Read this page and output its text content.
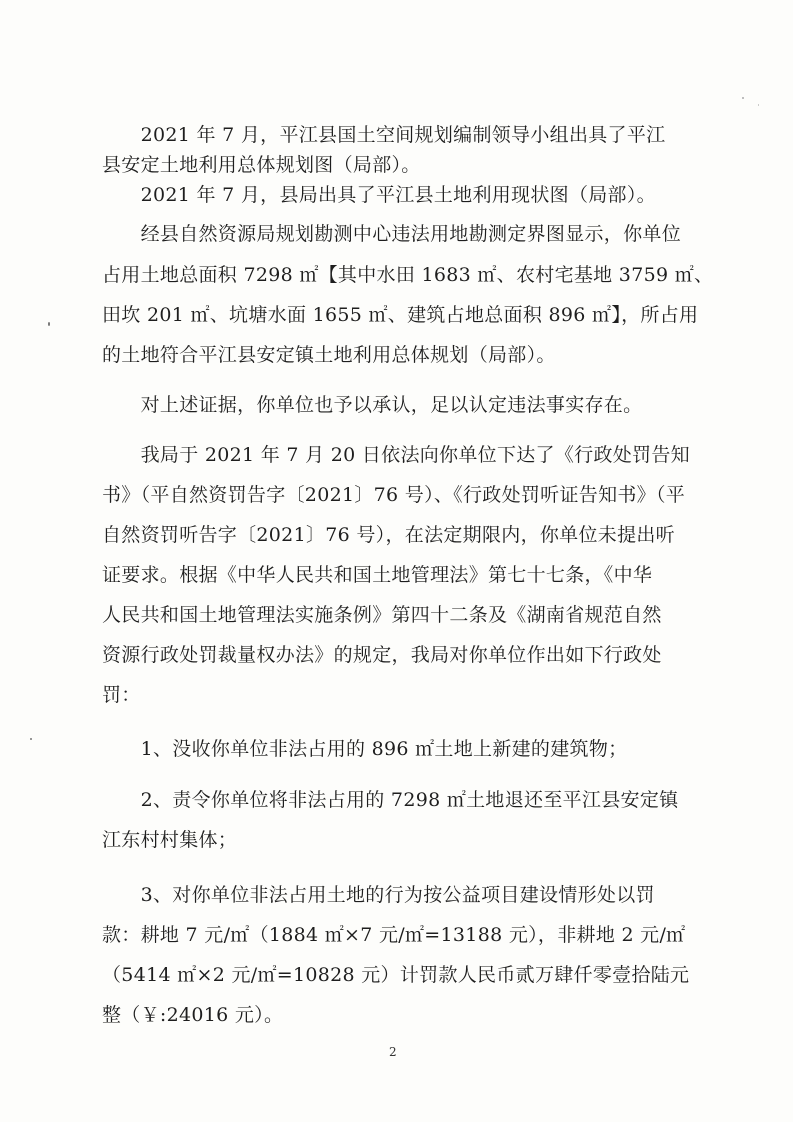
　　2021 年 7 月，平江县国土空间规划编制领导小组出具了平江
县安定土地利用总体规划图（局部）。
　　2021 年 7 月，县局出具了平江县土地利用现状图（局部）。
　　经县自然资源局规划勘测中心违法用地勘测定界图显示，你单位
占用土地总面积 7298 ㎡【其中水田 1683 ㎡、农村宅基地 3759 ㎡、
田坎 201 ㎡、坑塘水面 1655 ㎡、建筑占地总面积 896 ㎡】，所占用
的土地符合平江县安定镇土地利用总体规划（局部）。
　　对上述证据，你单位也予以承认，足以认定违法事实存在。
　　我局于 2021 年 7 月 20 日依法向你单位下达了《行政处罚告知
书》（平自然资罚告字〔2021〕76 号）、《行政处罚听证告知书》（平
自然资罚听告字〔2021〕76 号），在法定期限内，你单位未提出听
证要求。根据《中华人民共和国土地管理法》第七十七条，《中华
人民共和国土地管理法实施条例》第四十二条及《湖南省规范自然
资源行政处罚裁量权办法》的规定，我局对你单位作出如下行政处
罚：
　　1、没收你单位非法占用的 896 ㎡土地上新建的建筑物；
　　2、责令你单位将非法占用的 7298 ㎡土地退还至平江县安定镇
江东村村集体；
　　3、对你单位非法占用土地的行为按公益项目建设情形处以罚
款：耕地 7 元/㎡（1884 ㎡×7 元/㎡=13188 元），非耕地 2 元/㎡
（5414 ㎡×2 元/㎡=10828 元）计罚款人民币贰万肆仟零壹拾陆元
整（￥:24016 元）。
2
